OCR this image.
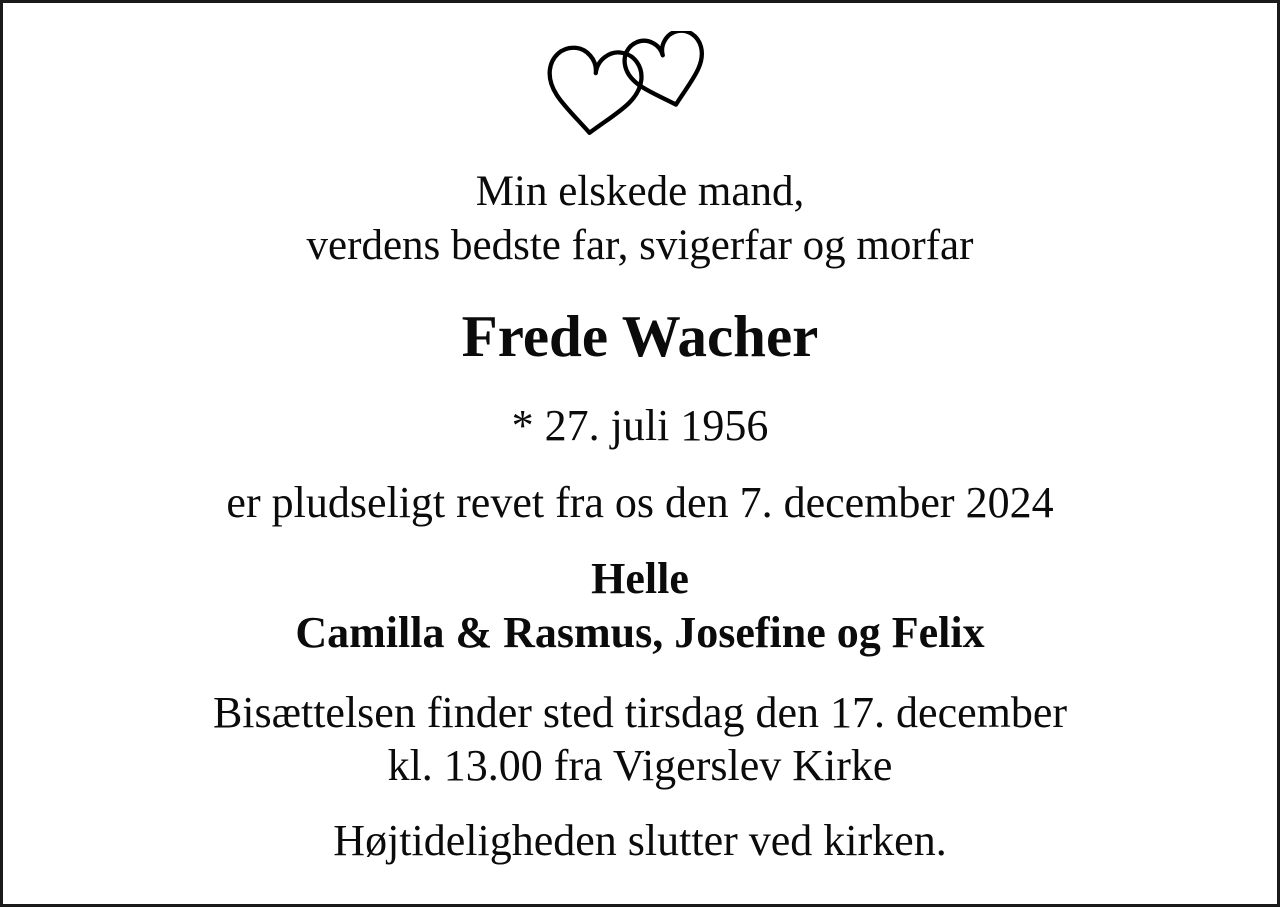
Min elskede mand,
verdens bedste far, svigerfar og morfar

Frede Wacher

* 27. juli 1956

er pludseligt revet fra os den 7. december 2024

Helle
Camilla & Rasmus, Josefine og Felix

Bisættelsen finder sted tirsdag den 17. december
kl. 13.00 fra Vigerslev Kirke

Højtideligheden slutter ved kirken.
